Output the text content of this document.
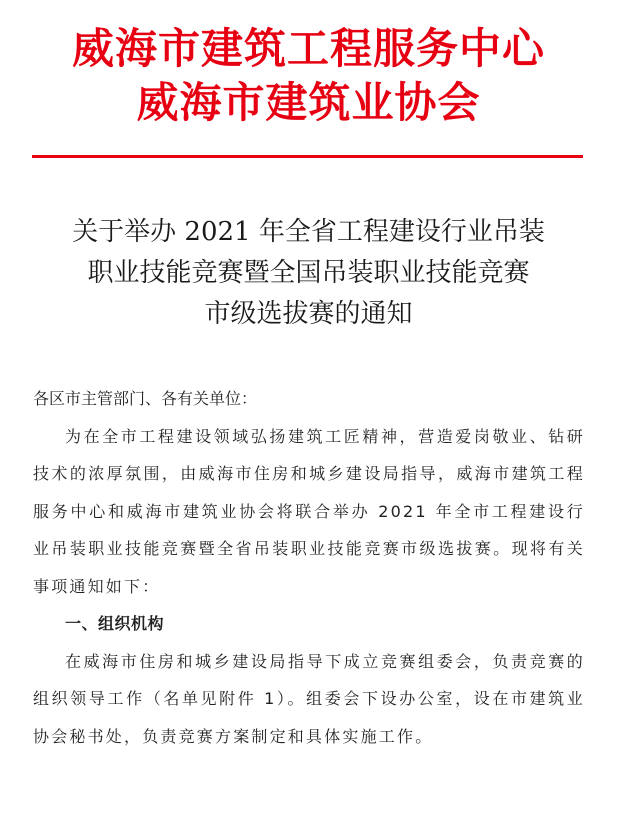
威海市建筑工程服务中心
威海市建筑业协会
关于举办 2021 年全省工程建设行业吊装
职业技能竞赛暨全国吊装职业技能竞赛
市级选拔赛的通知
各区市主管部门、各有关单位：

为在全市工程建设领域弘扬建筑工匠精神，营造爱岗敬业、钻研技术的浓厚氛围，由威海市住房和城乡建设局指导，威海市建筑工程服务中心和威海市建筑业协会将联合举办 2021 年全市工程建设行业吊装职业技能竞赛暨全省吊装职业技能竞赛市级选拔赛。现将有关事项通知如下：

一、组织机构

在威海市住房和城乡建设局指导下成立竞赛组委会，负责竞赛的组织领导工作（名单见附件 1）。组委会下设办公室，设在市建筑业协会秘书处，负责竞赛方案制定和具体实施工作。
